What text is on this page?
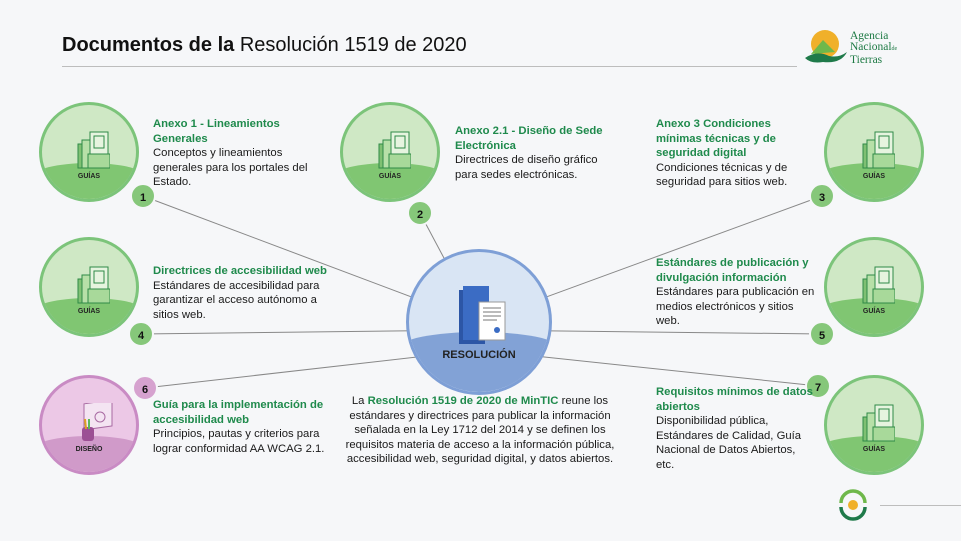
Documentos de la Resolución 1519 de 2020	Agencia
Nacionalde
Tierras
RESOLUCIÓN
La Resolución 1519 de 2020 de MinTIC reune los estándares y directrices para publicar la información señalada en la Ley 1712 del 2014 y se definen los requisitos materia de acceso a la información pública, accesibilidad web, seguridad digital, y datos abiertos.
GUÍAS
1
Anexo 1 - Lineamientos Generales
Conceptos y lineamientos generales para los portales del Estado.	GUÍAS
2
Anexo 2.1 - Diseño de Sede Electrónica
Directrices de diseño gráfico para sedes electrónicas.	GUÍAS
3
Anexo 3 Condiciones mínimas técnicas y de seguridad digital
Condiciones técnicas y de seguridad para sitios web.
GUÍAS
4
Directrices de accesibilidad web
Estándares de accesibilidad para garantizar el acceso autónomo a sitios web.	GUÍAS
5
Estándares de publicación y divulgación información
Estándares para publicación en medios electrónicos y sitios web.
DISEÑO
6
Guía para la implementación de accesibilidad web
Principios, pautas y criterios para lograr conformidad AA WCAG 2.1.	GUÍAS
7
Requisitos mínimos de datos abiertos
Disponibilidad pública, Estándares de Calidad, Guía Nacional de Datos Abiertos, etc.
